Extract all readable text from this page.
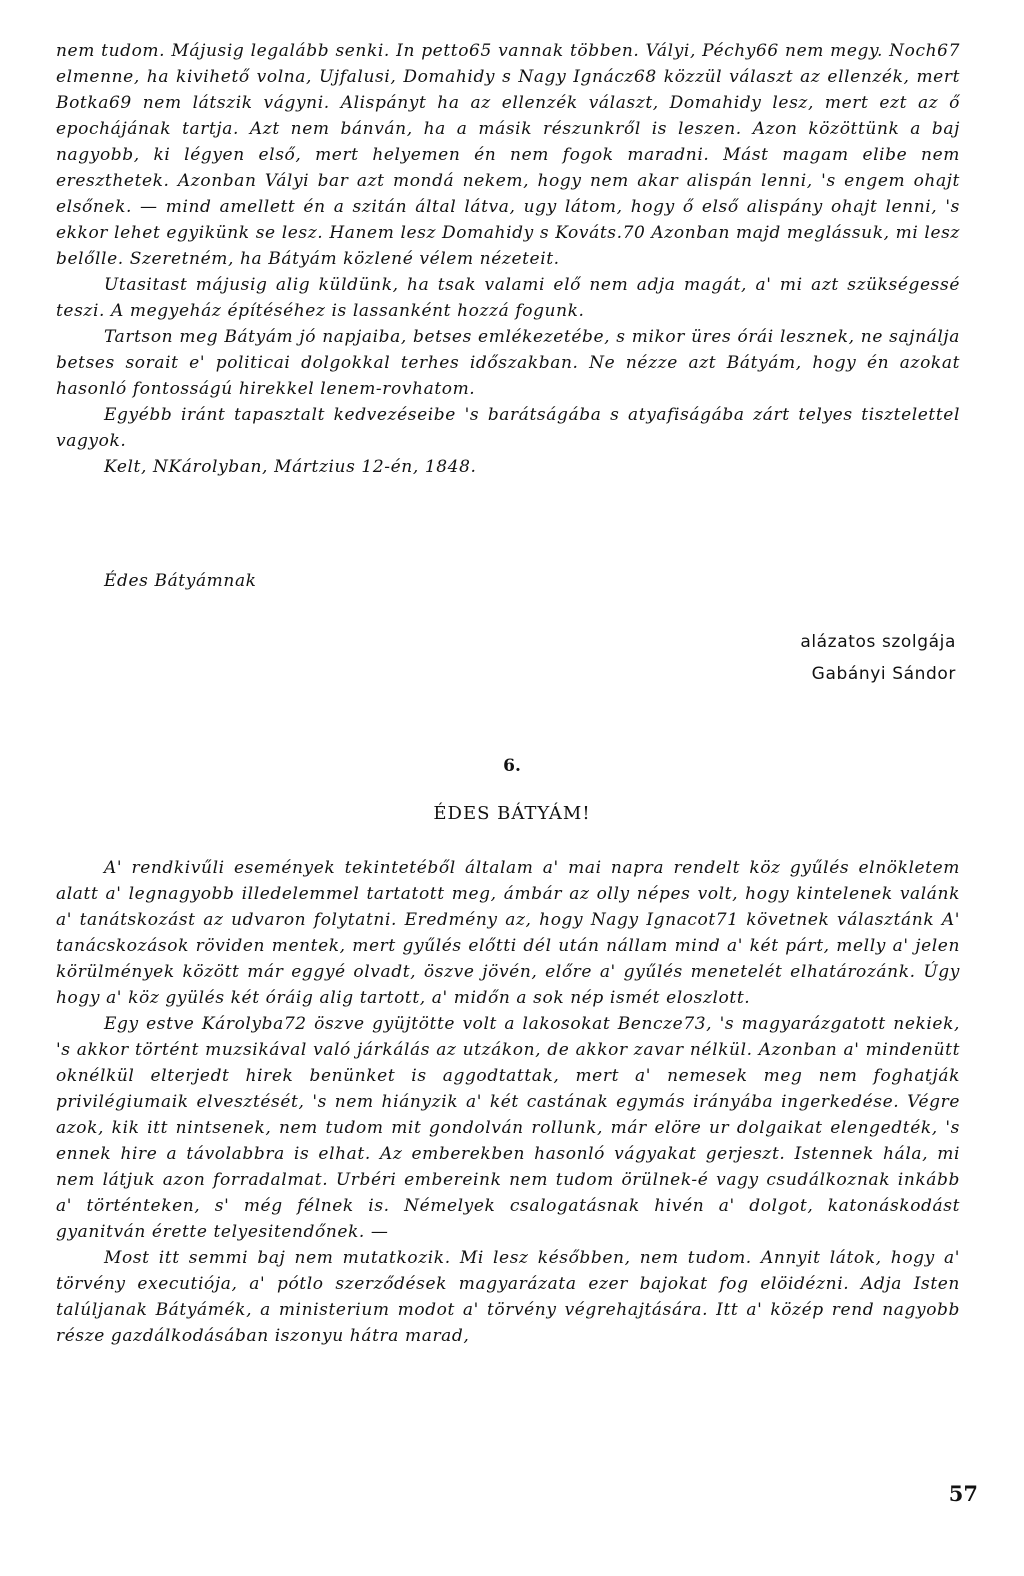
nem tudom. Májusig legalább senki. In petto65 vannak többen. Vályi, Péchy66 nem megy. Noch67 elmenne, ha kivihető volna, Ujfalusi, Domahidy s Nagy Ignácz68 közzül választ az ellenzék, mert Botka69 nem látszik vágyni. Alispányt ha az ellenzék választ, Domahidy lesz, mert ezt az ő epochájának tartja. Azt nem bánván, ha a másik részunkről is leszen. Azon közöttünk a baj nagyobb, ki légyen első, mert helyemen én nem fogok maradni. Mást magam elibe nem ereszthetek. Azonban Vályi bar azt mondá nekem, hogy nem akar alispán lenni, 's engem ohajt elsőnek. — mind amellett én a szitán által látva, ugy látom, hogy ő első alispány ohajt lenni, 's ekkor lehet egyikünk se lesz. Hanem lesz Domahidy s Kováts.70 Azonban majd meglássuk, mi lesz belőlle. Szeretném, ha Bátyám közlené vélem nézeteit.

Utasitast májusig alig küldünk, ha tsak valami elő nem adja magát, a' mi azt szükségessé teszi. A megyeház építéséhez is lassanként hozzá fogunk.

Tartson meg Bátyám jó napjaiba, betses emlékezetébe, s mikor üres órái lesznek, ne sajnálja betses sorait e' politicai dolgokkal terhes időszakban. Ne nézze azt Bátyám, hogy én azokat hasonló fontosságú hirekkel lenem-rovhatom.

Egyébb iránt tapasztalt kedvezéseibe 's barátságába s atyafiságába zárt telyes tisztelettel vagyok.

Kelt, NKárolyban, Mártzius 12-én, 1848.

Édes Bátyámnak
alázatos szolgája
Gabányi Sándor
6.
ÉDES BÁTYÁM!

A' rendkivűli események tekintetéből általam a' mai napra rendelt köz gyűlés elnökletem alatt a' legnagyobb illedelemmel tartatott meg, ámbár az olly népes volt, hogy kintelenek valánk a' tanátskozást az udvaron folytatni. Eredmény az, hogy Nagy Ignacot71 követnek választánk A' tanácskozások röviden mentek, mert gyűlés előtti dél után nállam mind a' két párt, melly a' jelen körülmények között már eggyé olvadt, öszve jövén, előre a' gyűlés menetelét elhatározánk. Úgy hogy a' köz gyülés két óráig alig tartott, a' midőn a sok nép ismét eloszlott.

Egy estve Károlyba72 öszve gyüjtötte volt a lakosokat Bencze73, 's magyarázgatott nekiek, 's akkor történt muzsikával való járkálás az utzákon, de akkor zavar nélkül. Azonban a' mindenütt oknélkül elterjedt hirek benünket is aggodtattak, mert a' nemesek meg nem foghatják privilégiumaik elvesztését, 's nem hiányzik a' két castának egymás irányába ingerkedése. Végre azok, kik itt nintsenek, nem tudom mit gondolván rollunk, már elöre ur dolgaikat elengedték, 's ennek hire a távolabbra is elhat. Az emberekben hasonló vágyakat gerjeszt. Istennek hála, mi nem látjuk azon forradalmat. Urbéri embereink nem tudom örülnek-é vagy csudálkoznak inkább a' történteken, s' még félnek is. Némelyek csalogatásnak hivén a' dolgot, katonáskodást gyanitván érette telyesitendőnek. —

Most itt semmi baj nem mutatkozik. Mi lesz későbben, nem tudom. Annyit látok, hogy a' törvény executiója, a' pótlo szerződések magyarázata ezer bajokat fog elöidézni. Adja Isten talúljanak Bátyámék, a ministerium modot a' törvény végrehajtására. Itt a' közép rend nagyobb része gazdálkodásában iszonyu hátra marad,

57
